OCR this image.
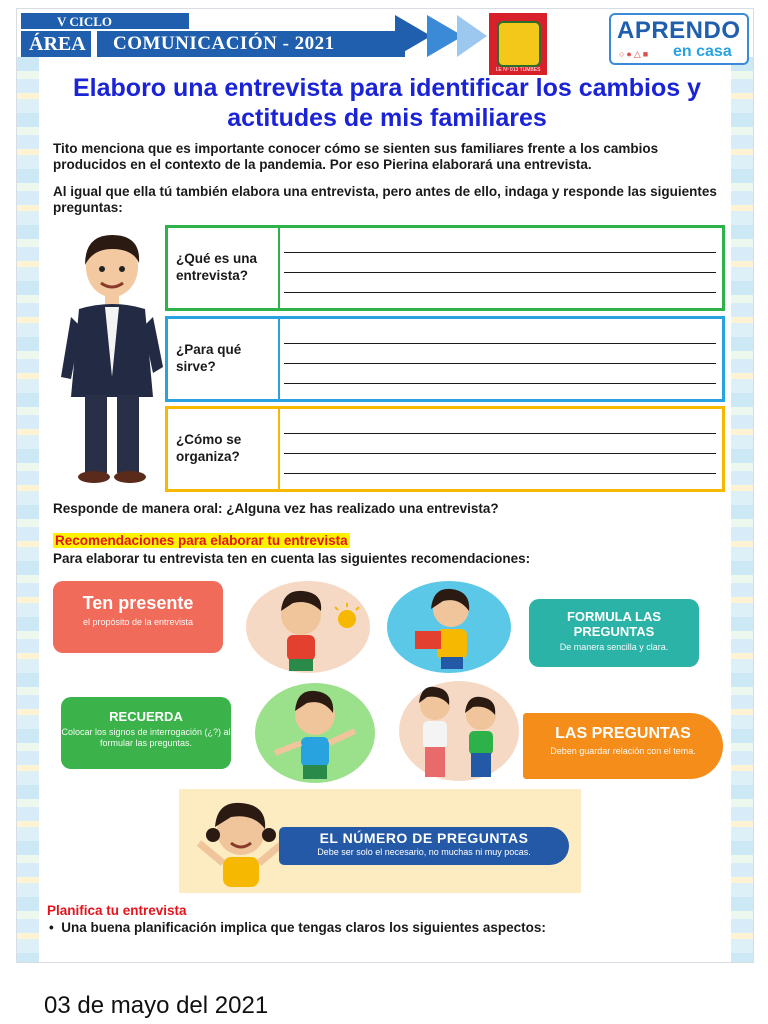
V CICLO
ÁREA COMUNICACIÓN - 2021
I.E Nº 013 TUMBES
APRENDO
○●△■ en casa
Elaboro una entrevista para identificar los cambios y actitudes de mis familiares
Tito menciona que es importante conocer cómo se sienten sus familiares frente a los cambios producidos en el contexto de la pandemia. Por eso Pierina elaborará una entrevista.
Al igual que ella tú también elabora una entrevista, pero antes de ello, indaga y responde las siguientes preguntas:
¿Qué es una entrevista?
¿Para qué sirve?
¿Cómo se organiza?
Responde de manera oral: ¿Alguna vez has realizado una entrevista?
Recomendaciones para elaborar tu entrevista
Para elaborar tu entrevista ten en cuenta las siguientes recomendaciones:
Ten presente
el propósito de la entrevista	FORMULA LAS PREGUNTAS
De manera sencilla y clara.
RECUERDA
Colocar los signos de interrogación (¿?) al formular las preguntas.
LAS PREGUNTAS
Deben guardar relación con el tema.
EL NÚMERO DE PREGUNTAS
Debe ser solo el necesario, no muchas ni muy pocas.
Planifica tu entrevista
•  Una buena planificación implica que tengas claros los siguientes aspectos:
03 de mayo del 2021
